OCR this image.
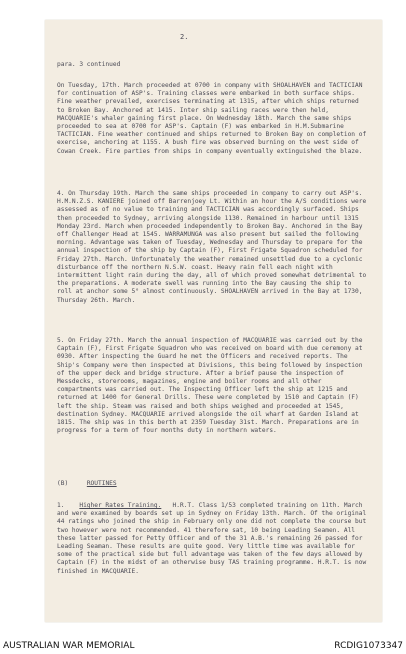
2.
para. 3 continued

On Tuesday, 17th. March proceeded at 0700 in company with SHOALHAVEN and TACTICIAN for continuation of ASP's. Training classes were embarked in both surface ships. Fine weather prevailed, exercises terminating at 1315, after which ships returned to Broken Bay. Anchored at 1415. Inter ship sailing races were then held, MACQUARIE's whaler gaining first place. On Wednesday 18th. March the same ships proceeded to sea at 0700 for ASP's. Captain (F) was embarked in H.M.Submarine TACTICIAN. Fine weather continued and ships returned to Broken Bay on completion of exercise, anchoring at 1155. A bush fire was observed burning on the west side of Cowan Creek. Fire parties from ships in company eventually extinguished the blaze.

4. On Thursday 19th. March the same ships proceeded in company to carry out ASP's. H.M.N.Z.S. KANIERE joined off Barrenjoey Lt. Within an hour the A/S conditions were assessed as of no value to training and TACTICIAN was accordingly surfaced. Ships then proceeded to Sydney, arriving alongside 1130. Remained in harbour until 1315 Monday 23rd. March when proceeded independently to Broken Bay. Anchored in the Bay off Challenger Head at 1545. WARRAMUNGA was also present but sailed the following morning. Advantage was taken of Tuesday, Wednesday and Thursday to prepare for the annual inspection of the ship by Captain (F), First Frigate Squadron scheduled for Friday 27th. March. Unfortunately the weather remained unsettled due to a cyclonic disturbance off the northern N.S.W. coast. Heavy rain fell each night with intermittent light rain during the day, all of which proved somewhat detrimental to the preparations. A moderate swell was running into the Bay causing the ship to roll at anchor some 5° almost continuously. SHOALHAVEN arrived in the Bay at 1730, Thursday 26th. March.

5. On Friday 27th. March the annual inspection of MACQUARIE was carried out by the Captain (F), First Frigate Squadron who was received on board with due ceremony at 0930. After inspecting the Guard he met the Officers and received reports. The Ship's Company were then inspected at Divisions, this being followed by inspection of the upper deck and bridge structure. After a brief pause the inspection of Messdecks, storerooms, magazines, engine and boiler rooms and all other compartments was carried out. The Inspecting Officer left the ship at 1215 and returned at 1400 for General Drills. These were completed by 1510 and Captain (F) left the ship. Steam was raised and both ships weighed and proceeded at 1545, destination Sydney. MACQUARIE arrived alongside the oil wharf at Garden Island at 1815. The ship was in this berth at 2359 Tuesday 31st. March. Preparations are in progress for a term of four months duty in northern waters.

(B)	ROUTINES

1. Higher Rates Training. H.R.T. Class 1/53 completed training on 11th. March and were examined by boards set up in Sydney on Friday 13th. March. Of the original 44 ratings who joined the ship in February only one did not complete the course but two however were not recommended. 41 therefore sat, 10 being Leading Seamen. All these latter passed for Petty Officer and of the 31 A.B.'s remaining 26 passed for Leading Seaman. These results are quite good. Very little time was available for some of the practical side but full advantage was taken of the few days allowed by Captain (F) in the midst of an otherwise busy TAS training programme. H.R.T. is now finished in MACQUARIE.

AUSTRALIAN WAR MEMORIAL	RCDIG1073347
